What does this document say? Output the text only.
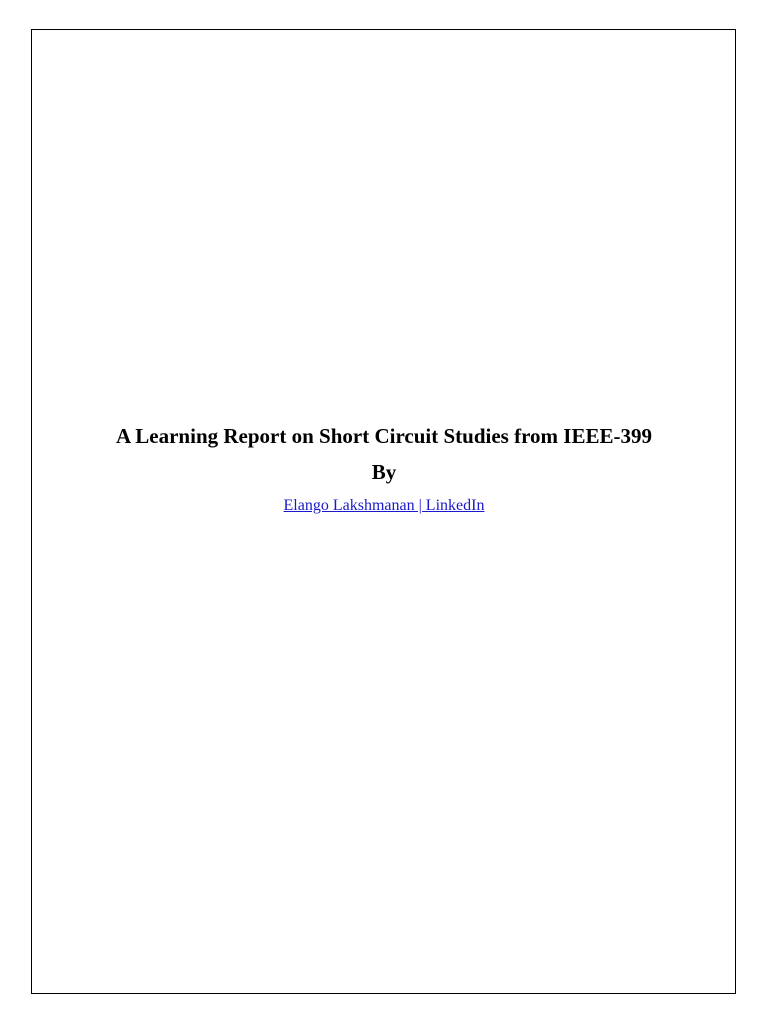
A Learning Report on Short Circuit Studies from IEEE-399
By
Elango Lakshmanan | LinkedIn
